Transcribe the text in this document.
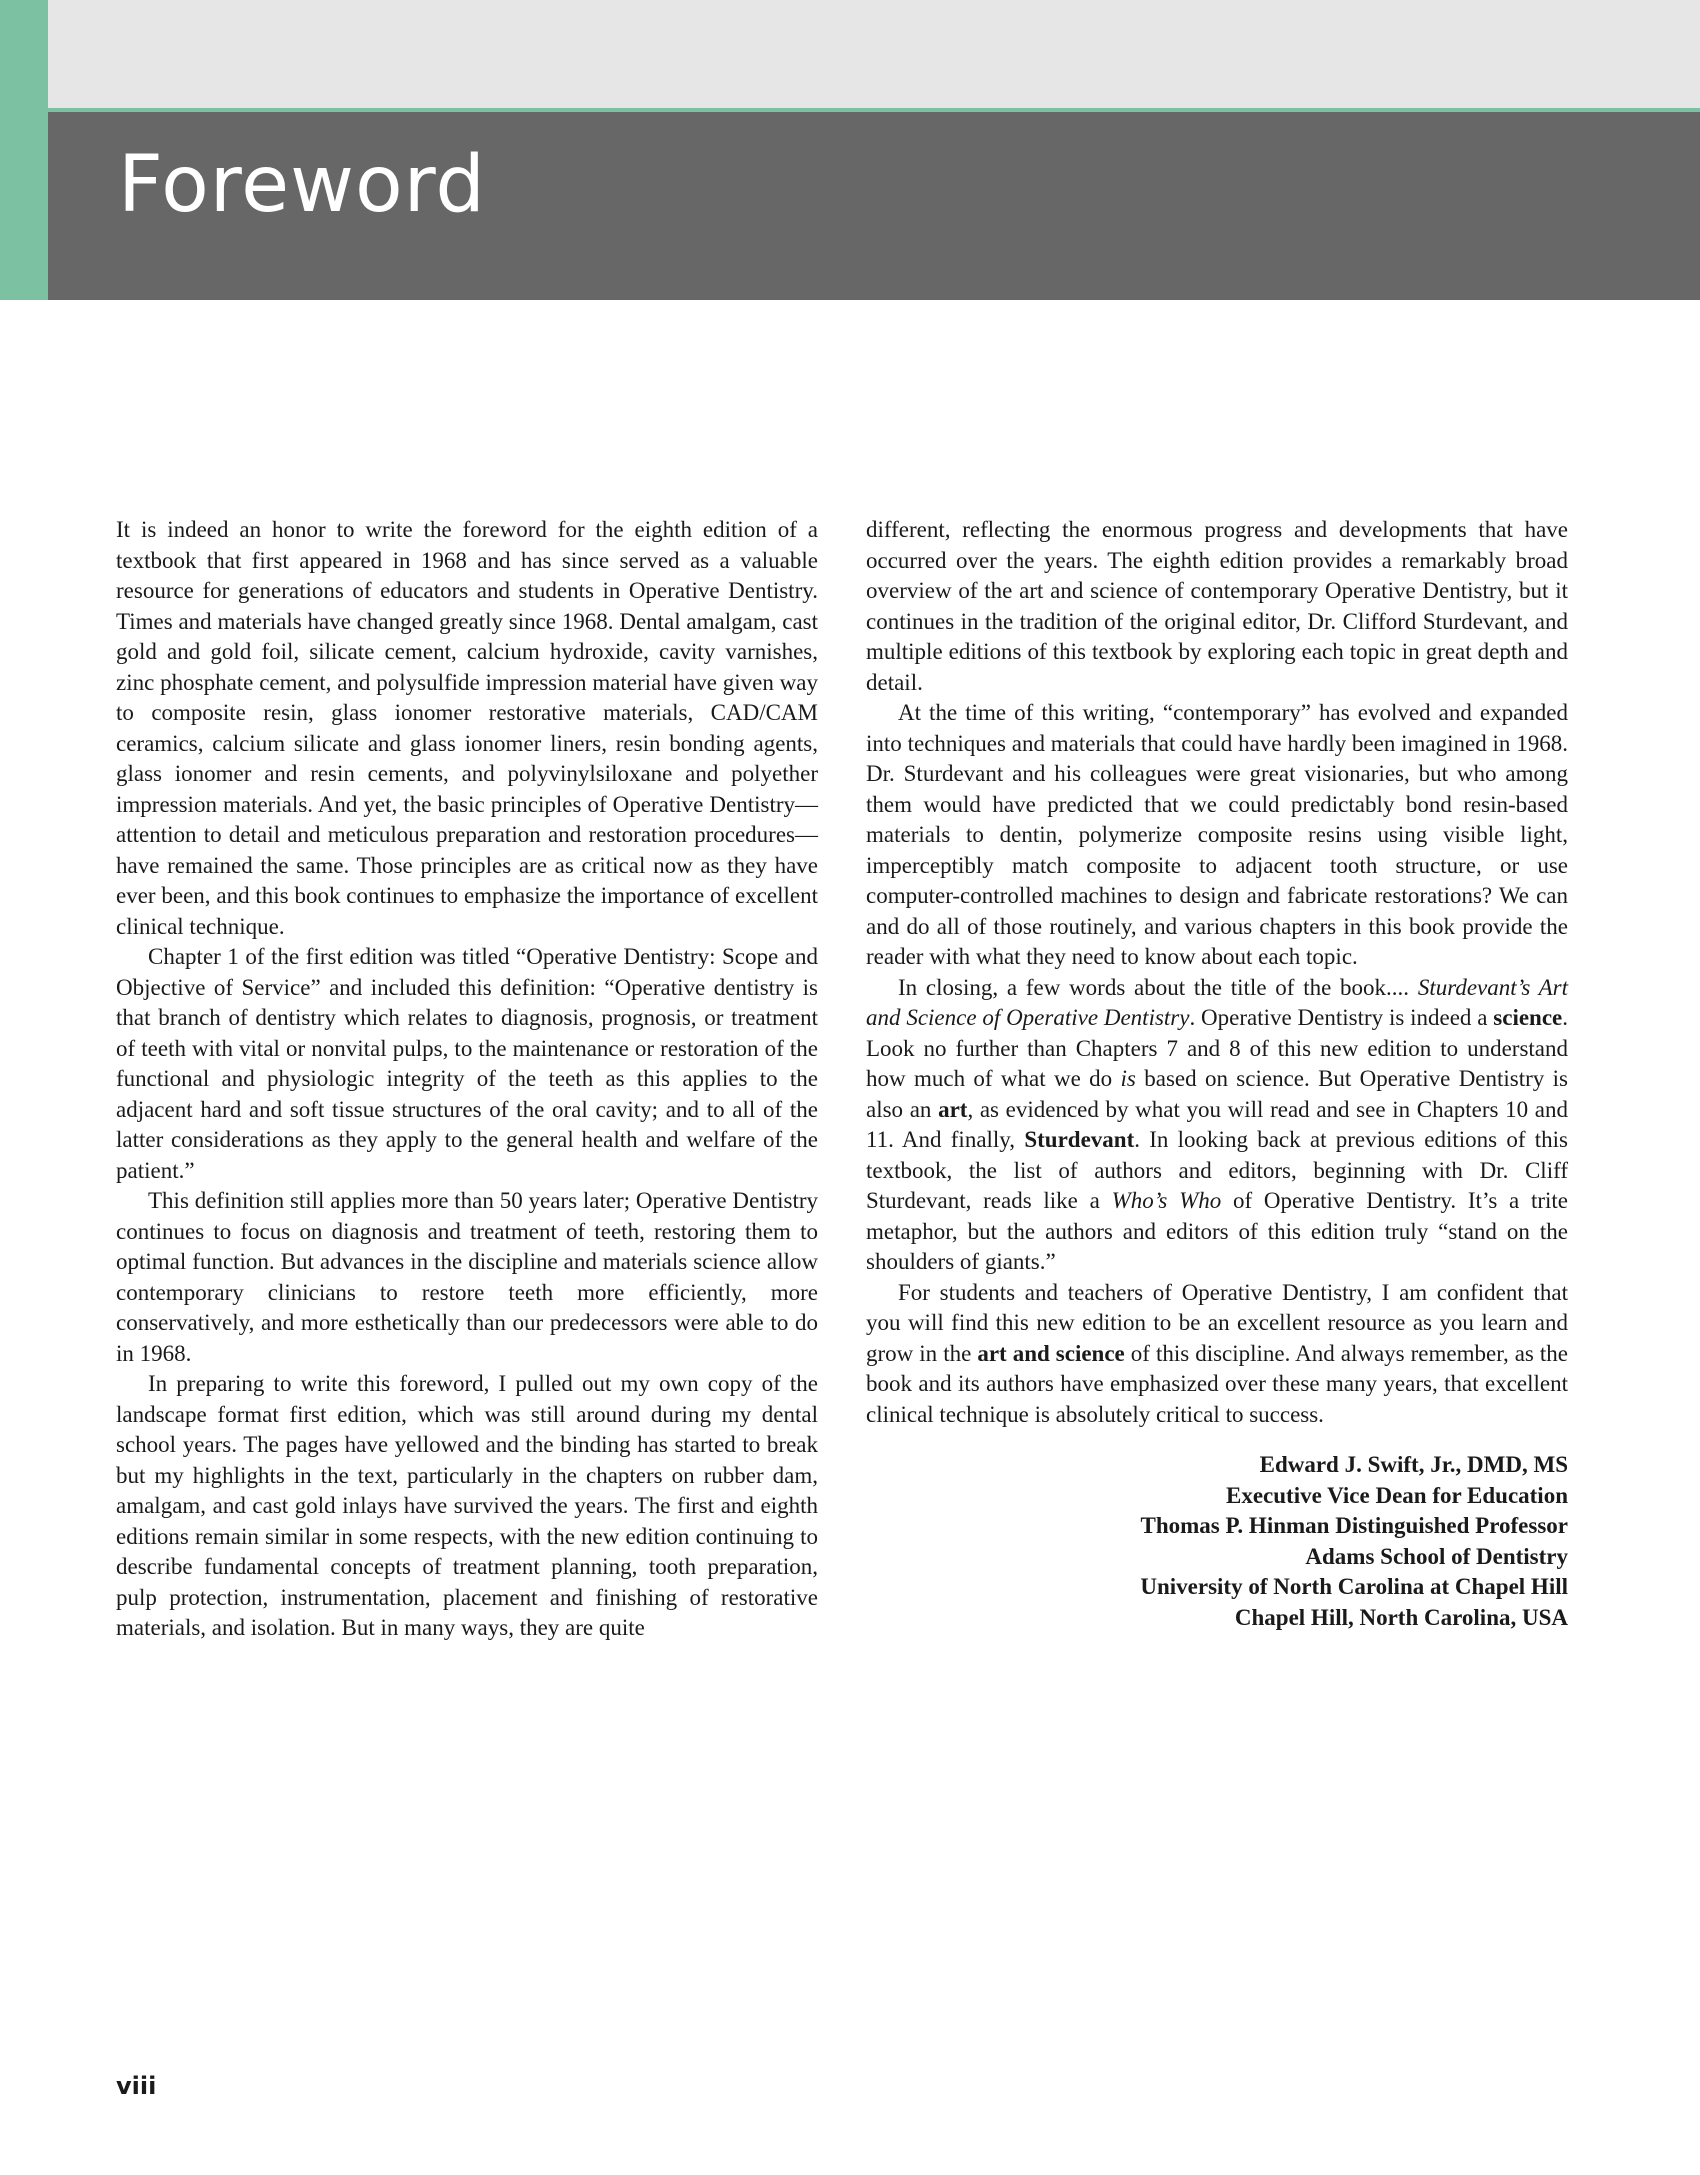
Foreword

It is indeed an honor to write the foreword for the eighth edition of a textbook that first appeared in 1968 and has since served as a valuable resource for generations of educators and students in Operative Dentistry. Times and materials have changed greatly since 1968. Dental amalgam, cast gold and gold foil, silicate cement, calcium hydroxide, cavity varnishes, zinc phosphate cement, and polysulfide impression material have given way to composite resin, glass ionomer restorative materials, CAD/CAM ceramics, calcium silicate and glass ionomer liners, resin bonding agents, glass ionomer and resin cements, and polyvinylsiloxane and polyether impression materials. And yet, the basic principles of Operative Dentistry—attention to detail and meticulous preparation and restoration procedures—have remained the same. Those principles are as critical now as they have ever been, and this book continues to emphasize the importance of excellent clinical technique.

Chapter 1 of the first edition was titled “Operative Dentistry: Scope and Objective of Service” and included this definition: “Operative dentistry is that branch of dentistry which relates to diagnosis, prognosis, or treatment of teeth with vital or nonvital pulps, to the maintenance or restoration of the functional and physiologic integrity of the teeth as this applies to the adjacent hard and soft tissue structures of the oral cavity; and to all of the latter considerations as they apply to the general health and welfare of the patient.”

This definition still applies more than 50 years later; Operative Dentistry continues to focus on diagnosis and treatment of teeth, restoring them to optimal function. But advances in the discipline and materials science allow contemporary clinicians to restore teeth more efficiently, more conservatively, and more esthetically than our predecessors were able to do in 1968.

In preparing to write this foreword, I pulled out my own copy of the landscape format first edition, which was still around during my dental school years. The pages have yellowed and the binding has started to break but my highlights in the text, particularly in the chapters on rubber dam, amalgam, and cast gold inlays have survived the years. The first and eighth editions remain similar in some respects, with the new edition continuing to describe fundamental concepts of treatment planning, tooth preparation, pulp protection, instrumentation, placement and finishing of restorative materials, and isolation. But in many ways, they are quite

different, reflecting the enormous progress and developments that have occurred over the years. The eighth edition provides a remarkably broad overview of the art and science of contemporary Operative Dentistry, but it continues in the tradition of the original editor, Dr. Clifford Sturdevant, and multiple editions of this textbook by exploring each topic in great depth and detail.

At the time of this writing, “contemporary” has evolved and expanded into techniques and materials that could have hardly been imagined in 1968. Dr. Sturdevant and his colleagues were great visionaries, but who among them would have predicted that we could predictably bond resin-based materials to dentin, polymerize composite resins using visible light, imperceptibly match composite to adjacent tooth structure, or use computer-controlled machines to design and fabricate restorations? We can and do all of those routinely, and various chapters in this book provide the reader with what they need to know about each topic.

In closing, a few words about the title of the book.... Sturdevant’s Art and Science of Operative Dentistry. Operative Dentistry is indeed a science. Look no further than Chapters 7 and 8 of this new edition to understand how much of what we do is based on science. But Operative Dentistry is also an art, as evidenced by what you will read and see in Chapters 10 and 11. And finally, Sturdevant. In looking back at previous editions of this textbook, the list of authors and editors, beginning with Dr. Cliff Sturdevant, reads like a Who’s Who of Operative Dentistry. It’s a trite metaphor, but the authors and editors of this edition truly “stand on the shoulders of giants.”

For students and teachers of Operative Dentistry, I am confident that you will find this new edition to be an excellent resource as you learn and grow in the art and science of this discipline. And always remember, as the book and its authors have emphasized over these many years, that excellent clinical technique is absolutely critical to success.

Edward J. Swift, Jr., DMD, MS
Executive Vice Dean for Education
Thomas P. Hinman Distinguished Professor
Adams School of Dentistry
University of North Carolina at Chapel Hill
Chapel Hill, North Carolina, USA
viii
